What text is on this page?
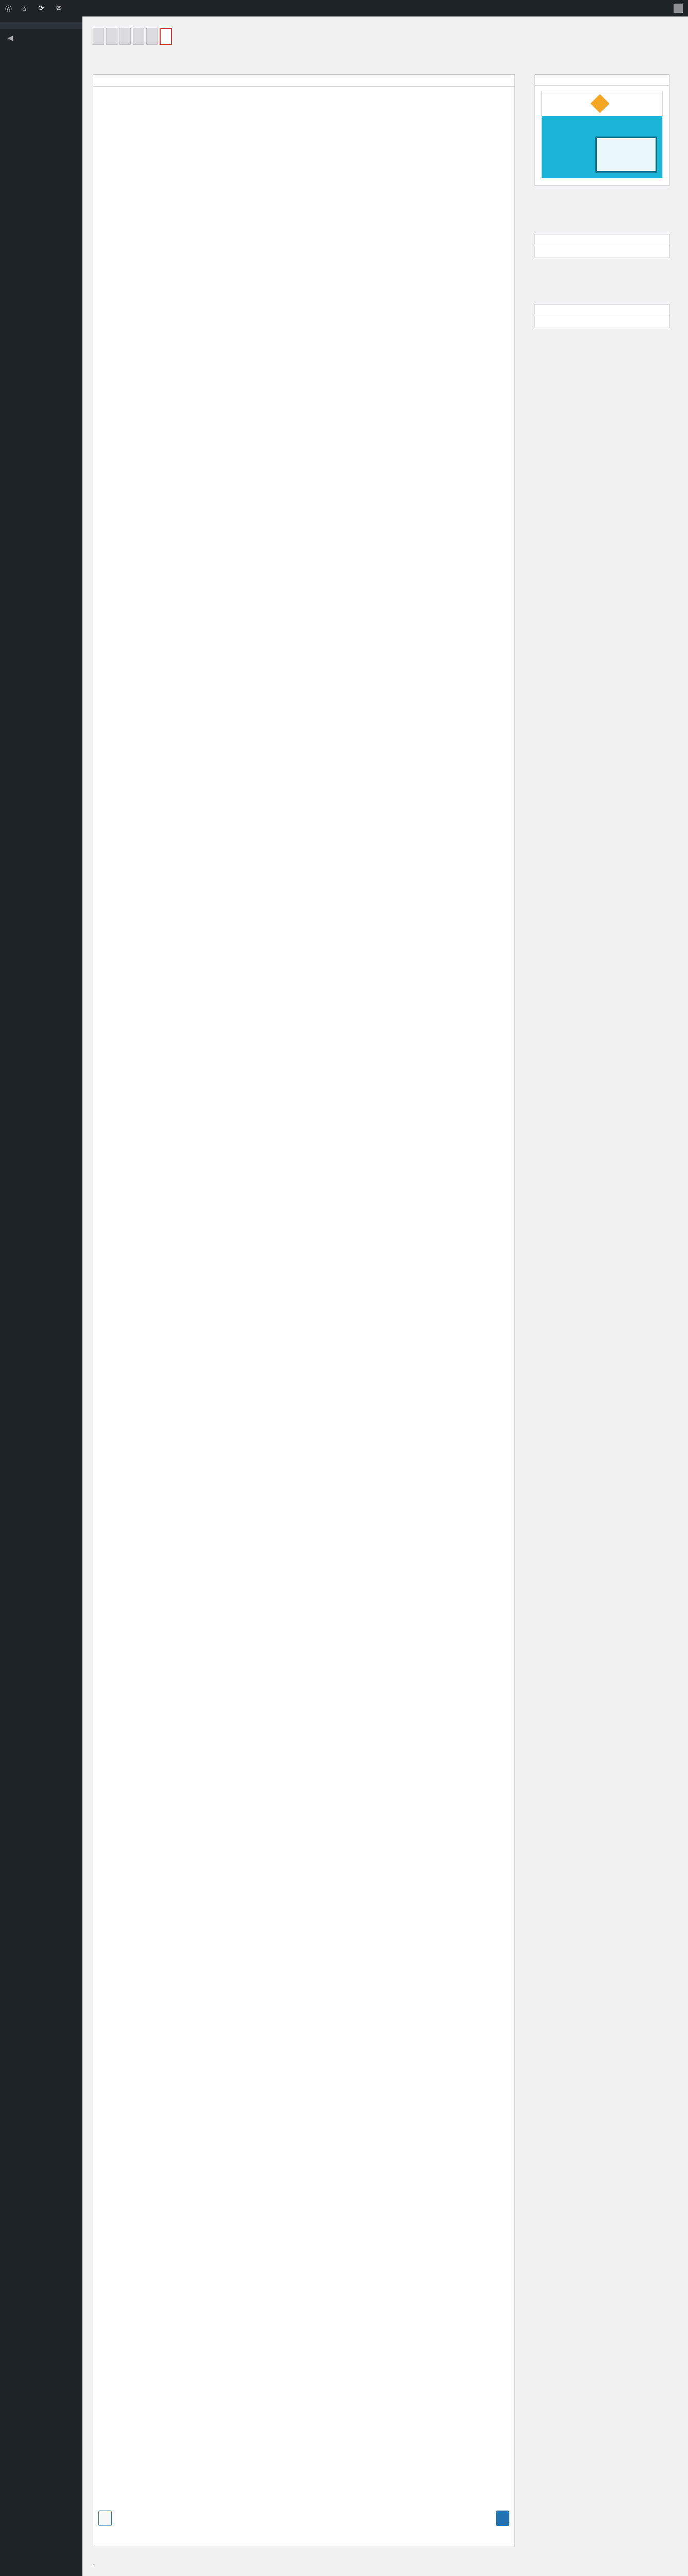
Ⓦ	⌂ ⟳ ✉
◀
.
